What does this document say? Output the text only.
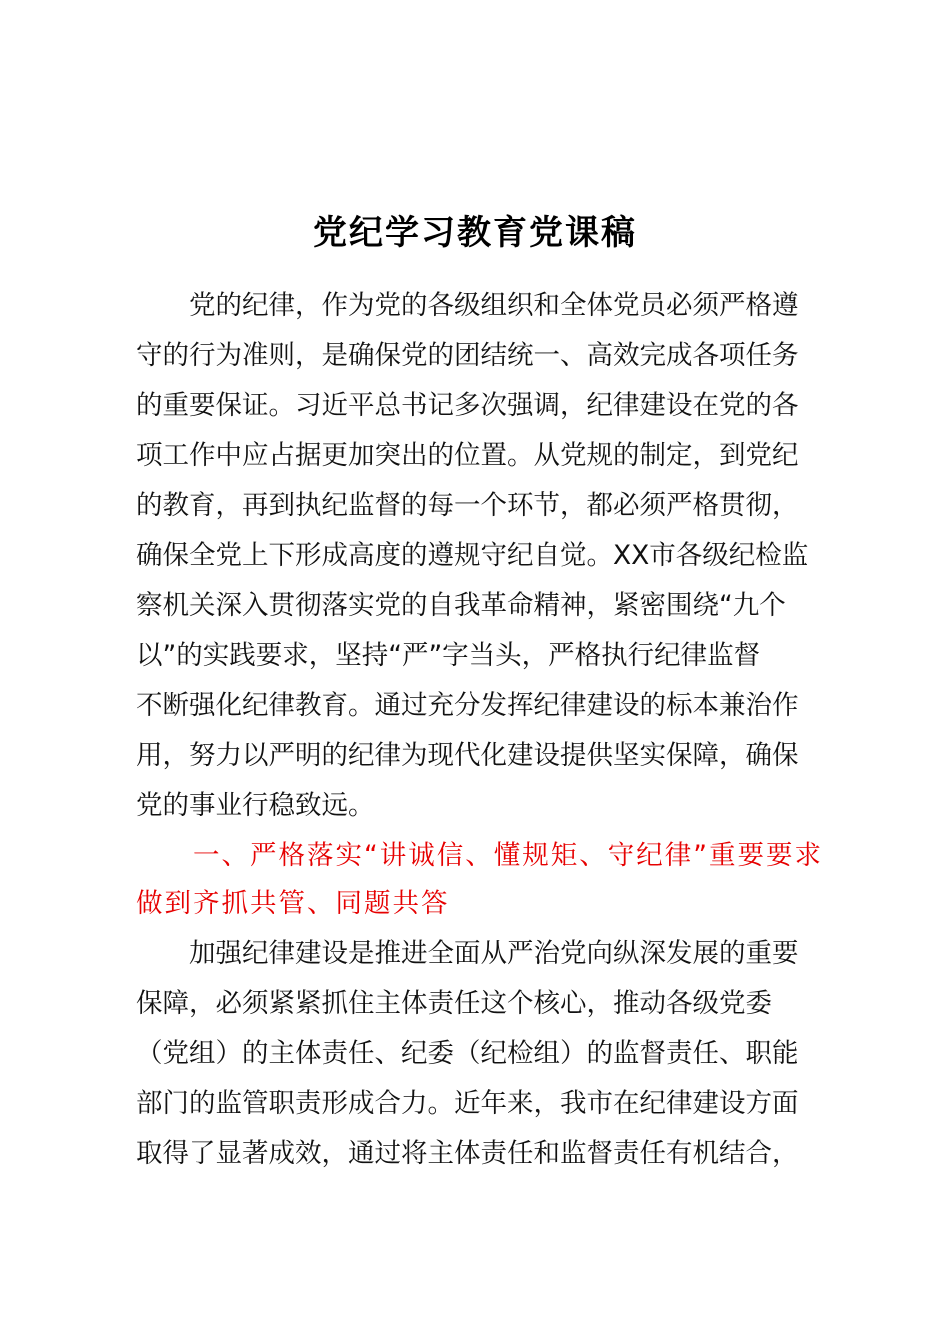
党纪学习教育党课稿
　　党的纪律，作为党的各级组织和全体党员必须严格遵
守的行为准则，是确保党的团结统一、高效完成各项任务
的重要保证。习近平总书记多次强调，纪律建设在党的各
项工作中应占据更加突出的位置。从党规的制定，到党纪
的教育，再到执纪监督的每一个环节，都必须严格贯彻，
确保全党上下形成高度的遵规守纪自觉。XX市各级纪检监
察机关深入贯彻落实党的自我革命精神，紧密围绕“九个
以”的实践要求，坚持“严”字当头，严格执行纪律监督
不断强化纪律教育。通过充分发挥纪律建设的标本兼治作
用，努力以严明的纪律为现代化建设提供坚实保障，确保
党的事业行稳致远。
　　一、严格落实“讲诚信、懂规矩、守纪律”重要要求
做到齐抓共管、同题共答
　　加强纪律建设是推进全面从严治党向纵深发展的重要
保障，必须紧紧抓住主体责任这个核心，推动各级党委
（党组）的主体责任、纪委（纪检组）的监督责任、职能
部门的监管职责形成合力。近年来，我市在纪律建设方面
取得了显著成效，通过将主体责任和监督责任有机结合，
